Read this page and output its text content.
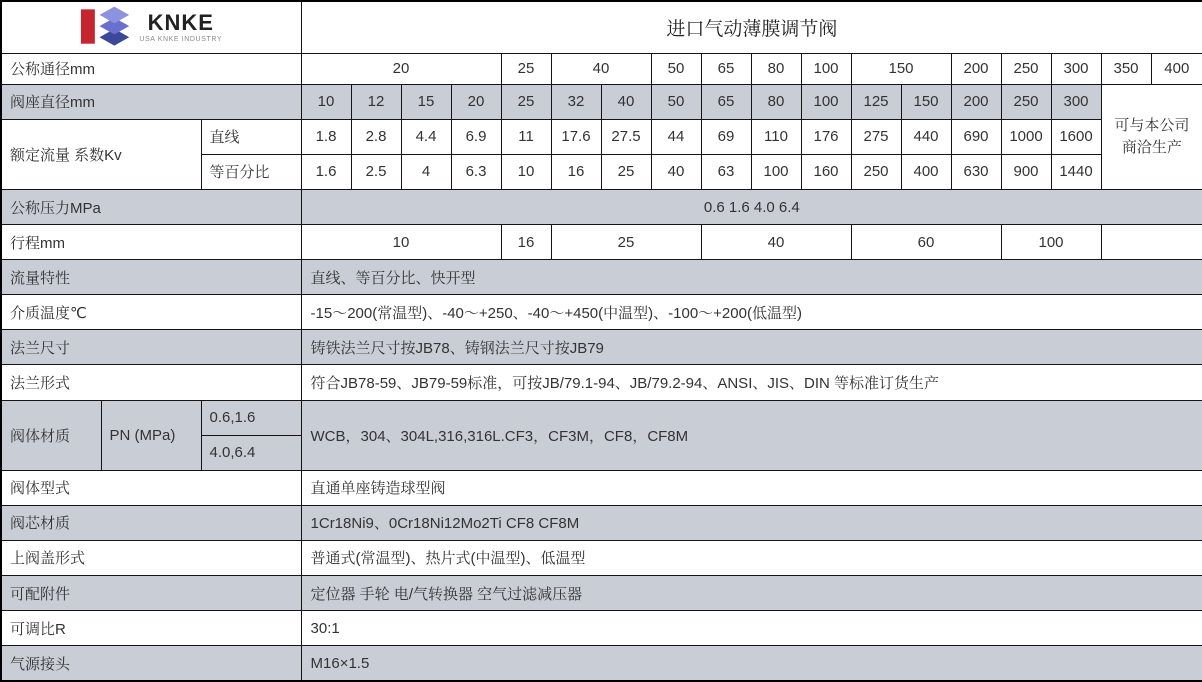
KNKE
USA KNKE INDUSTRY			进口气动薄膜调节阀																	
公称通径mm			20				25	40		50	65	80	100	150		200	250	300	350	400
阀座直径mm			10	12	15	20	25	32	40	50	65	80	100	125	150	200	250	300	可与本公司
商洽生产	
额定流量 系数Kv		直线	1.8	2.8	4.4	6.9	11	17.6	27.5	44	69	110	176	275	440	690	1000	1600		
		等百分比	1.6	2.5	4	6.3	10	16	25	40	63	100	160	250	400	630	900	1440		
公称压力MPa			0.6 1.6 4.0 6.4																	
行程mm			10				16	25			40			60			100			
流量特性			直线、等百分比、快开型																	
介质温度℃			-15～200(常温型)、-40～+250、-40～+450(中温型)、-100～+200(低温型)																	
法兰尺寸			铸铁法兰尺寸按JB78、铸钢法兰尺寸按JB79																	
法兰形式			符合JB78-59、JB79-59标准，可按JB/79.1-94、JB/79.2-94、ANSI、JIS、DIN 等标准订货生产																	
阀体材质	PN (MPa)	0.6,1.6	WCB，304、304L,316,316L.CF3，CF3M，CF8，CF8M																	
		4.0,6.4																		
阀体型式			直通单座铸造球型阀																	
阀芯材质			1Cr18Ni9、0Cr18Ni12Mo2Ti CF8 CF8M																	
上阀盖形式			普通式(常温型)、热片式(中温型)、低温型																	
可配附件			定位器 手轮 电/气转换器 空气过滤减压器																	
可调比R			30:1																	
气源接头			M16×1.5																	
